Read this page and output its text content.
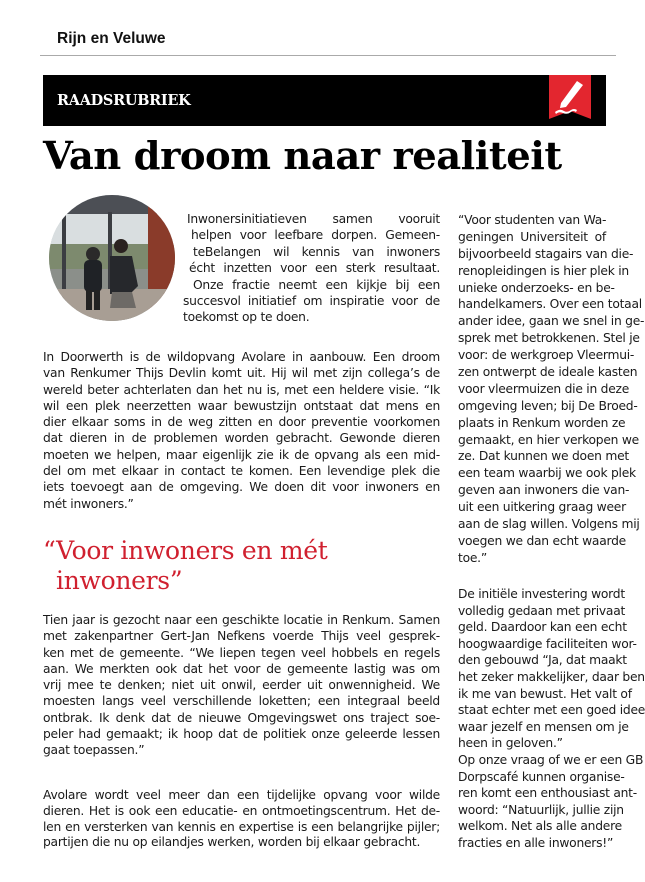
Rijn en Veluwe
RAADSRUBRIEK
Van droom naar realiteit
Inwonersinitiatieven samen vooruit
helpen voor leefbare dorpen. Gemeen-
teBelangen wil kennis van inwoners
écht inzetten voor een sterk resultaat.
Onze fractie neemt een kijkje bij een
succesvol initiatief om inspiratie voor de
toekomst op te doen.
In Doorwerth is de wildopvang Avolare in aanbouw. Een droom
van Renkumer Thijs Devlin komt uit. Hij wil met zijn collega’s de
wereld beter achterlaten dan het nu is, met een heldere visie. “Ik
wil een plek neerzetten waar bewustzijn ontstaat dat mens en
dier elkaar soms in de weg zitten en door preventie voorkomen
dat dieren in de problemen worden gebracht. Gewonde dieren
moeten we helpen, maar eigenlijk zie ik de opvang als een mid-
del om met elkaar in contact te komen. Een levendige plek die
iets toevoegt aan de omgeving. We doen dit voor inwoners en
mét inwoners.”
“Voor inwoners en mét
inwoners”
Tien jaar is gezocht naar een geschikte locatie in Renkum. Samen
met zakenpartner Gert-Jan Nefkens voerde Thijs veel gesprek-
ken met de gemeente. “We liepen tegen veel hobbels en regels
aan. We merkten ook dat het voor de gemeente lastig was om
vrij mee te denken; niet uit onwil, eerder uit onwennigheid. We
moesten langs veel verschillende loketten; een integraal beeld
ontbrak. Ik denk dat de nieuwe Omgevingswet ons traject soe-
peler had gemaakt; ik hoop dat de politiek onze geleerde lessen
gaat toepassen.”
Avolare wordt veel meer dan een tijdelijke opvang voor wilde
dieren. Het is ook een educatie- en ontmoetingscentrum. Het de-
len en versterken van kennis en expertise is een belangrijke pijler;
partijen die nu op eilandjes werken, worden bij elkaar gebracht.
“Voor studenten van Wa-
geningen Universiteit of
bijvoorbeeld stagairs van die-
renopleidingen is hier plek in
unieke onderzoeks- en be-
handelkamers. Over een totaal
ander idee, gaan we snel in ge-
sprek met betrokkenen. Stel je
voor: de werkgroep Vleermui-
zen ontwerpt de ideale kasten
voor vleermuizen die in deze
omgeving leven; bij De Broed-
plaats in Renkum worden ze
gemaakt, en hier verkopen we
ze. Dat kunnen we doen met
een team waarbij we ook plek
geven aan inwoners die van-
uit een uitkering graag weer
aan de slag willen. Volgens mij
voegen we dan echt waarde
toe.”
De initiële investering wordt
volledig gedaan met privaat
geld. Daardoor kan een echt
hoogwaardige faciliteiten wor-
den gebouwd “Ja, dat maakt
het zeker makkelijker, daar ben
ik me van bewust. Het valt of
staat echter met een goed idee
waar jezelf en mensen om je
heen in geloven.”
Op onze vraag of we er een GB
Dorpscafé kunnen organise-
ren komt een enthousiast ant-
woord: “Natuurlijk, jullie zijn
welkom. Net als alle andere
fracties en alle inwoners!”
